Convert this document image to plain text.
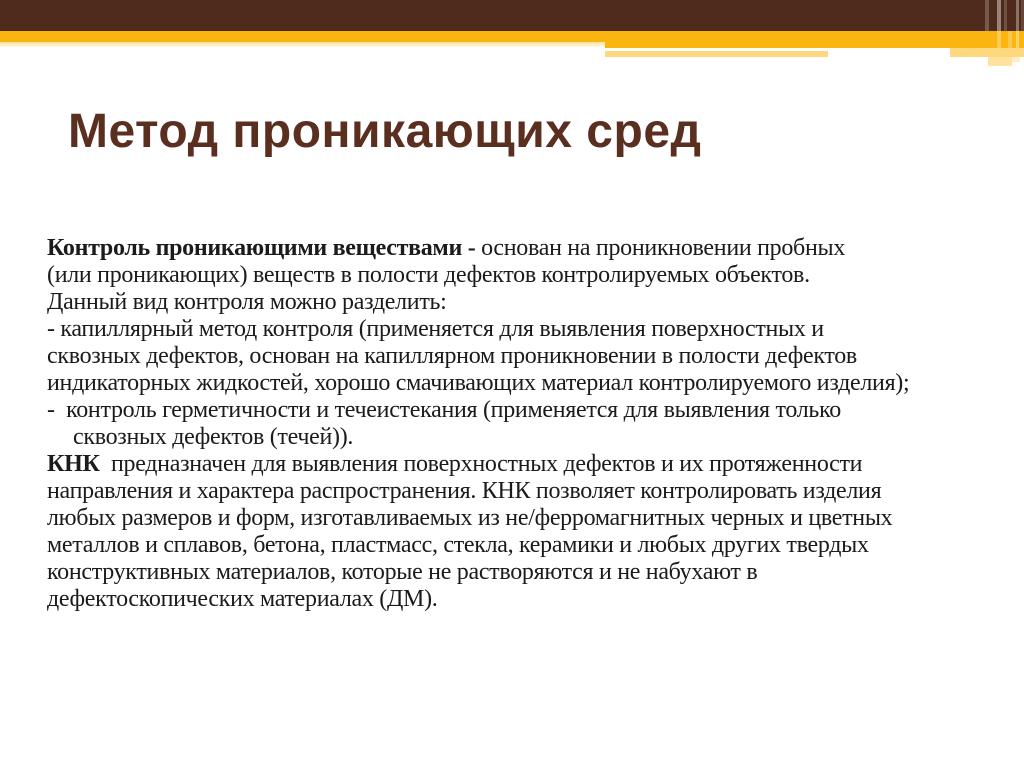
Метод проникающих сред
Контроль проникающими веществами - основан на проникновении пробных
(или проникающих) веществ в полости дефектов контролируемых объектов.
Данный вид контроля можно разделить:
- капиллярный метод контроля (применяется для выявления поверхностных и
сквозных дефектов, основан на капиллярном проникновении в полости дефектов
индикаторных жидкостей, хорошо смачивающих материал контролируемого изделия);
-  контроль герметичности и течеистекания (применяется для выявления только
сквозных дефектов (течей)).
КНК  предназначен для выявления поверхностных дефектов и их протяженности
направления и характера распространения. КНК позволяет контролировать изделия
любых размеров и форм, изготавливаемых из не/ферромагнитных черных и цветных
металлов и сплавов, бетона, пластмасс, стекла, керамики и любых других твердых
конструктивных материалов, которые не растворяются и не набухают в
дефектоскопических материалах (ДМ).
